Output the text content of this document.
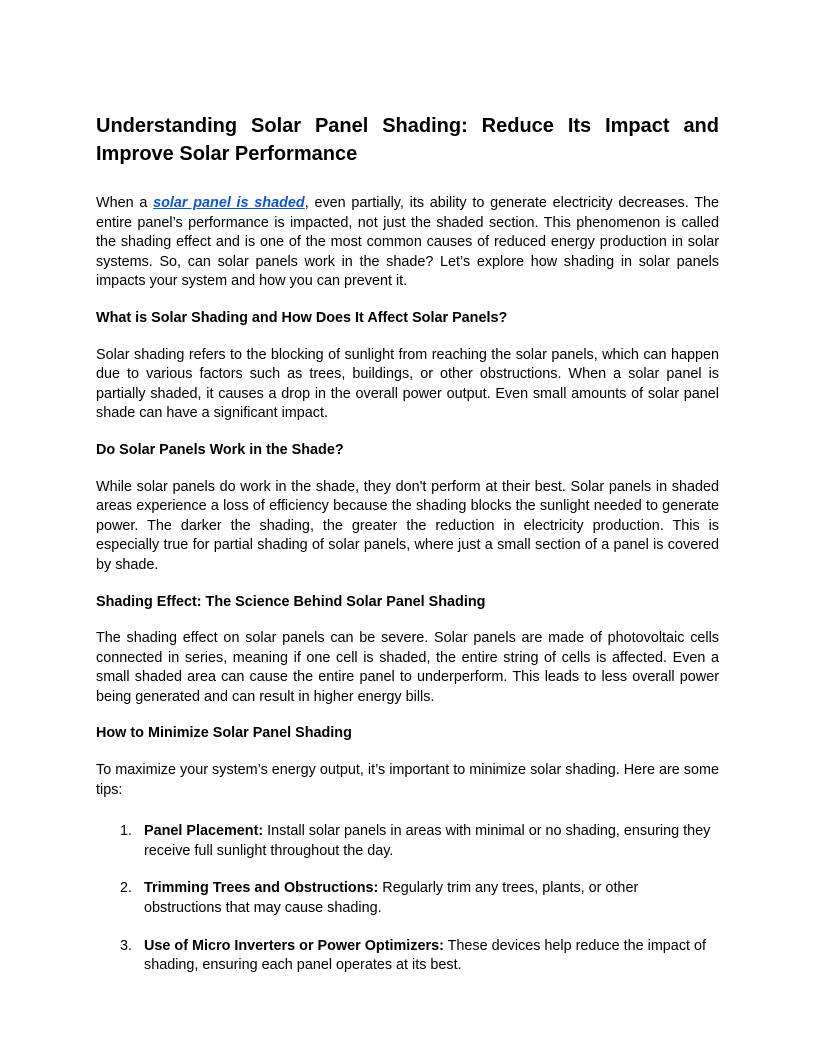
Understanding Solar Panel Shading: Reduce Its Impact and Improve Solar Performance

When a solar panel is shaded, even partially, its ability to generate electricity decreases. The entire panel’s performance is impacted, not just the shaded section. This phenomenon is called the shading effect and is one of the most common causes of reduced energy production in solar systems. So, can solar panels work in the shade? Let’s explore how shading in solar panels impacts your system and how you can prevent it.

What is Solar Shading and How Does It Affect Solar Panels?

Solar shading refers to the blocking of sunlight from reaching the solar panels, which can happen due to various factors such as trees, buildings, or other obstructions. When a solar panel is partially shaded, it causes a drop in the overall power output. Even small amounts of solar panel shade can have a significant impact.

Do Solar Panels Work in the Shade?

While solar panels do work in the shade, they don't perform at their best. Solar panels in shaded areas experience a loss of efficiency because the shading blocks the sunlight needed to generate power. The darker the shading, the greater the reduction in electricity production. This is especially true for partial shading of solar panels, where just a small section of a panel is covered by shade.

Shading Effect: The Science Behind Solar Panel Shading

The shading effect on solar panels can be severe. Solar panels are made of photovoltaic cells connected in series, meaning if one cell is shaded, the entire string of cells is affected. Even a small shaded area can cause the entire panel to underperform. This leads to less overall power being generated and can result in higher energy bills.

How to Minimize Solar Panel Shading

To maximize your system’s energy output, it’s important to minimize solar shading. Here are some tips:

1. Panel Placement: Install solar panels in areas with minimal or no shading, ensuring they receive full sunlight throughout the day.
2. Trimming Trees and Obstructions: Regularly trim any trees, plants, or other obstructions that may cause shading.
3. Use of Micro Inverters or Power Optimizers: These devices help reduce the impact of shading, ensuring each panel operates at its best.
